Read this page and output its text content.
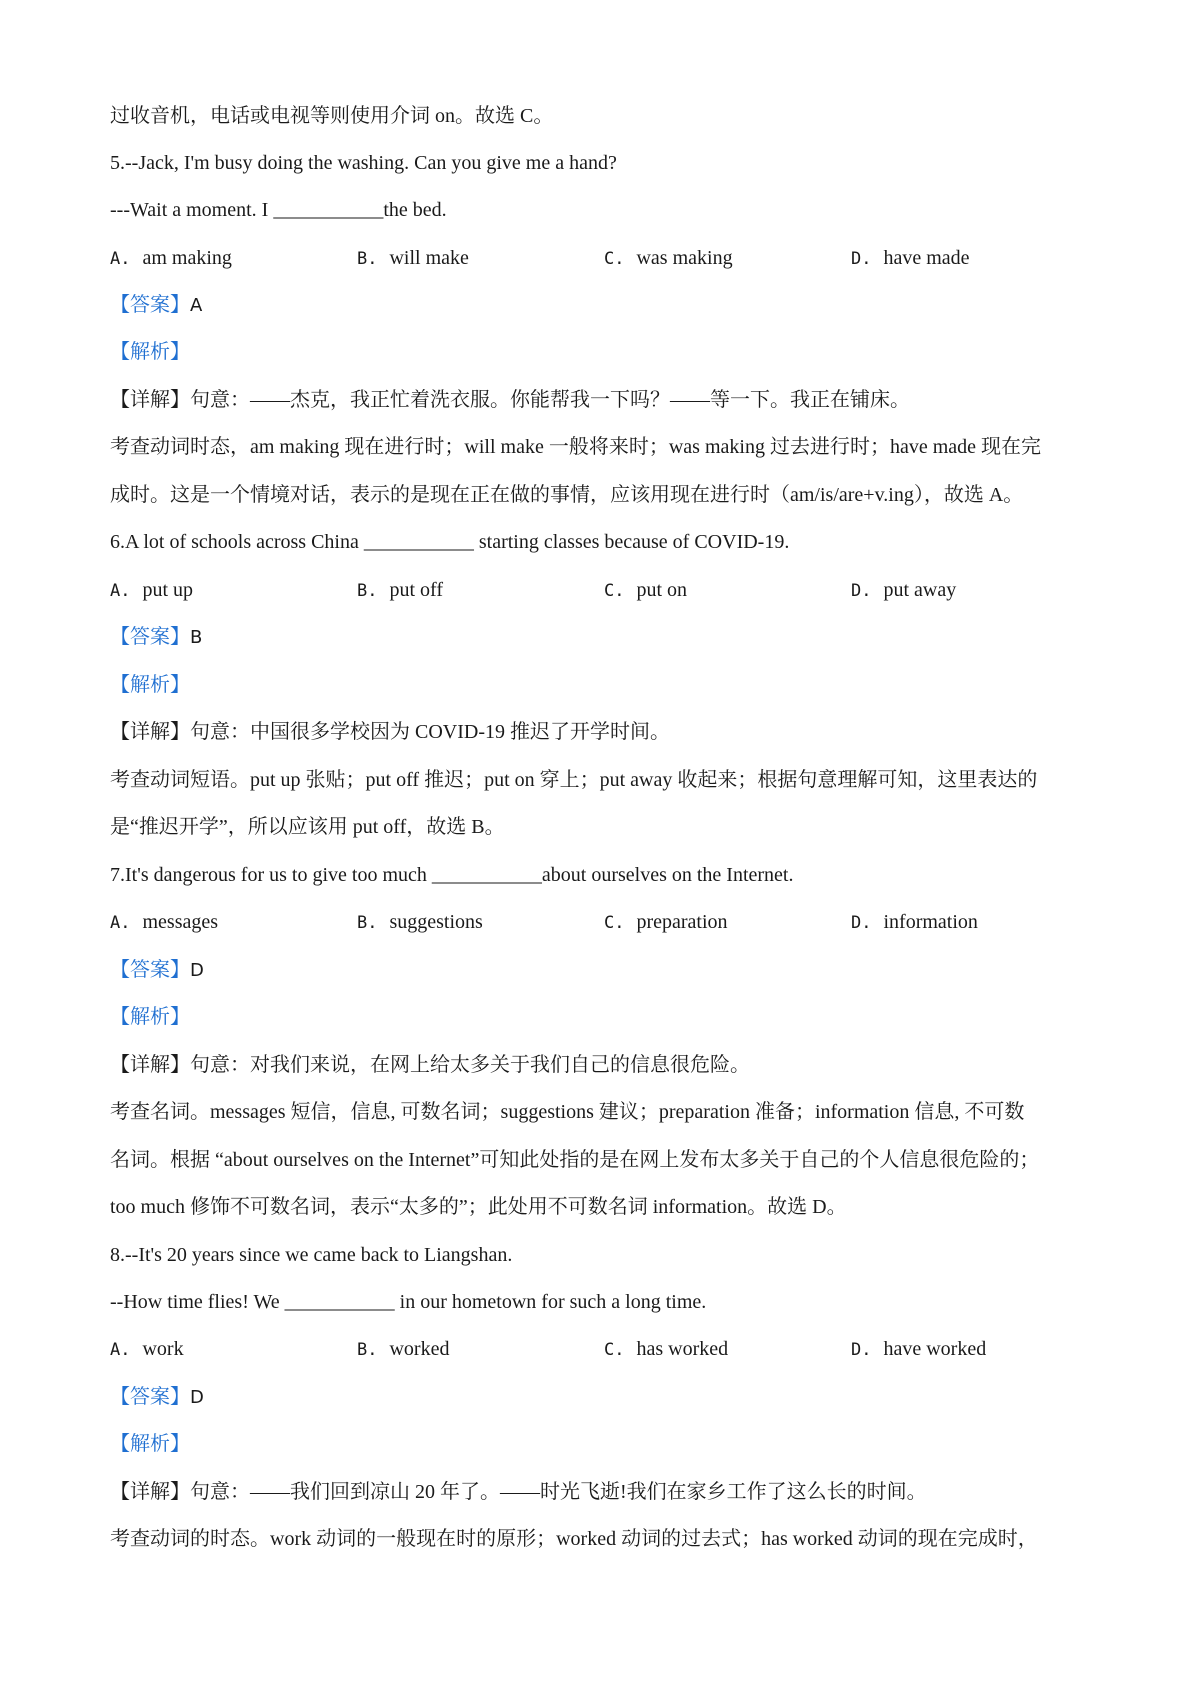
过收音机，电话或电视等则使用介词 on。故选 C。
5.--Jack, I'm busy doing the washing. Can you give me a hand?
---Wait a moment. I ___________the bed.
A. am making	B. will make	C. was making	D. have made
【答案】A
【解析】
【详解】句意：——杰克，我正忙着洗衣服。你能帮我一下吗？——等一下。我正在铺床。
考查动词时态，am making 现在进行时；will make 一般将来时；was making 过去进行时；have made 现在完
成时。这是一个情境对话，表示的是现在正在做的事情，应该用现在进行时（am/is/are+v.ing），故选 A。
6.A lot of schools across China ___________ starting classes because of COVID-19.
A. put up	B. put off	C. put on	D. put away
【答案】B
【解析】
【详解】句意：中国很多学校因为 COVID-19 推迟了开学时间。
考查动词短语。put up 张贴；put off 推迟；put on 穿上；put away 收起来；根据句意理解可知，这里表达的
是“推迟开学”，所以应该用 put off，故选 B。
7.It's dangerous for us to give too much ___________about ourselves on the Internet.
A. messages	B. suggestions	C. preparation	D. information
【答案】D
【解析】
【详解】句意：对我们来说，在网上给太多关于我们自己的信息很危险。
考查名词。messages 短信，信息, 可数名词；suggestions 建议；preparation 准备；information 信息, 不可数
名词。根据 “about ourselves on the Internet”可知此处指的是在网上发布太多关于自己的个人信息很危险的；
too much 修饰不可数名词，表示“太多的”；此处用不可数名词 information。故选 D。
8.--It's 20 years since we came back to Liangshan.
--How time flies! We ___________ in our hometown for such a long time.
A. work	B. worked	C. has worked	D. have worked
【答案】D
【解析】
【详解】句意：——我们回到凉山 20 年了。——时光飞逝!我们在家乡工作了这么长的时间。
考查动词的时态。work 动词的一般现在时的原形；worked 动词的过去式；has worked 动词的现在完成时，
